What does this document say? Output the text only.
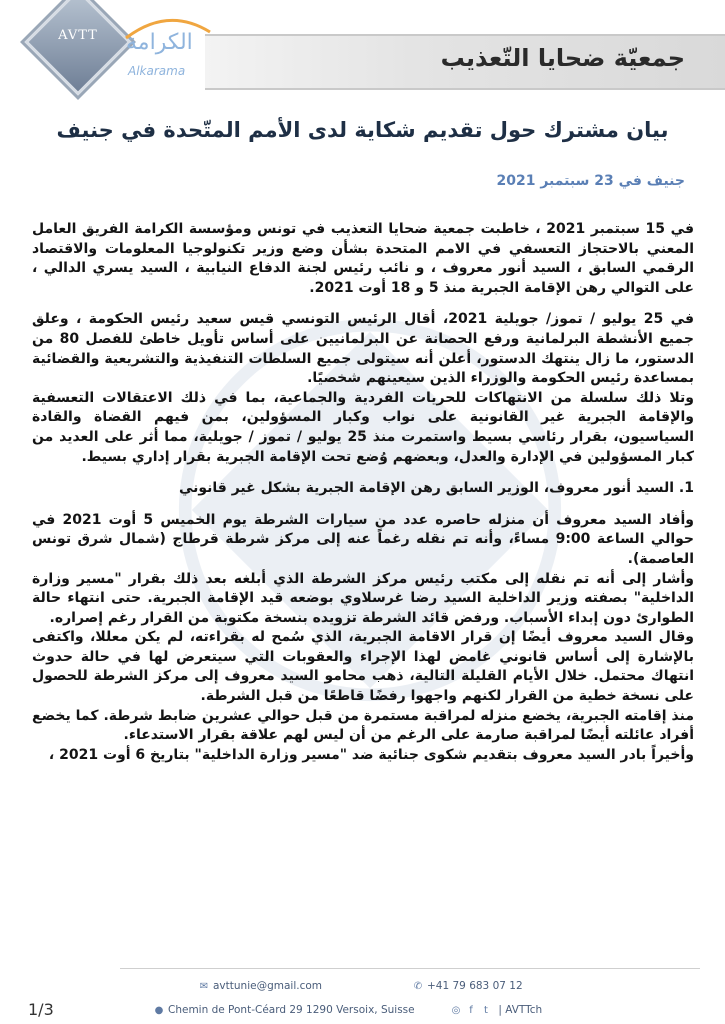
جمعيّة ضحايا التّعذيب
AVTT	الكرامة
Alkarama
بيان مشترك حول تقديم شكاية لدى الأمم المتّحدة في جنيف
جنيف في 23 سبتمبر 2021

في 15 سبتمبر 2021 ، خاطبت جمعية ضحايا التعذيب في تونس ومؤسسة الكرامة الفريق العامل المعني بالاحتجاز التعسفي في الامم المتحدة بشأن وضع وزير تكنولوجيا المعلومات والاقتصاد الرقمي السابق ، السيد أنور معروف ، و نائب رئيس لجنة الدفاع النيابية ، السيد يسري الدالي ، على التوالي رهن الإقامة الجبرية منذ 5 و 18 أوت 2021.

في 25 يوليو / تموز/ جويلية 2021، أقال الرئيس التونسي قيس سعيد رئيس الحكومة ، وعلق جميع الأنشطة البرلمانية ورفع الحصانة عن البرلمانيين على أساس تأويل خاطئ للفصل 80 من الدستور، ما زال ينتهك الدستور، أعلن أنه سيتولى جميع السلطات التنفيذية والتشريعية والقضائية بمساعدة رئيس الحكومة والوزراء الذين سيعينهم شخصيًا.

وتلا ذلك سلسلة من الانتهاكات للحريات الفردية والجماعية، بما في ذلك الاعتقالات التعسفية والإقامة الجبرية غير القانونية على نواب وكبار المسؤولين، بمن فيهم القضاة والقادة السياسيون، بقرار رئاسي بسيط واستمرت منذ 25 يوليو / تموز / جويلية، مما أثر على العديد من كبار المسؤولين في الإدارة والعدل، وبعضهم وُضع تحت الإقامة الجبرية بقرار إداري بسيط.

1. السيد أنور معروف، الوزير السابق رهن الإقامة الجبرية بشكل غير قانوني

وأفاد السيد معروف أن منزله حاصره عدد من سيارات الشرطة يوم الخميس 5 أوت 2021 في حوالي الساعة 9:00 مساءً، وأنه تم نقله رغماً عنه إلى مركز شرطة قرطاج (شمال شرق تونس العاصمة).

وأشار إلى أنه تم نقله إلى مكتب رئيس مركز الشرطة الذي أبلغه بعد ذلك بقرار "مسير وزارة الداخلية" بصفته وزير الداخلية السيد رضا غرسلاوي بوضعه قيد الإقامة الجبرية. حتى انتهاء حالة الطوارئ دون إبداء الأسباب. ورفض قائد الشرطة تزويده بنسخة مكتوبة من القرار رغم إصراره.

وقال السيد معروف أيضًا إن قرار الاقامة الجبرية، الذي سُمح له بقراءته، لم يكن معللا، واكتفى بالإشارة إلى أساس قانوني غامض لهذا الإجراء والعقوبات التي سيتعرض لها في حالة حدوث انتهاك محتمل. خلال الأيام القليلة التالية، ذهب محامو السيد معروف إلى مركز الشرطة للحصول على نسخة خطية من القرار لكنهم واجهوا رفضًا قاطعًا من قبل الشرطة.

منذ إقامته الجبرية، يخضع منزله لمراقبة مستمرة من قبل حوالي عشرين ضابط شرطة. كما يخضع أفراد عائلته أيضًا لمراقبة صارمة على الرغم من أن ليس لهم علاقة بقرار الاستدعاء.

وأخيراً بادر السيد معروف بتقديم شكوى جنائية ضد "مسير وزارة الداخلية" بتاريخ 6 أوت 2021 ،

✉ avttunie@gmail.com	✆ +41 79 683 07 12
● Chemin de Pont-Céard 29 1290 Versoix, Suisse	◎ f t | AVTTch
1/3
